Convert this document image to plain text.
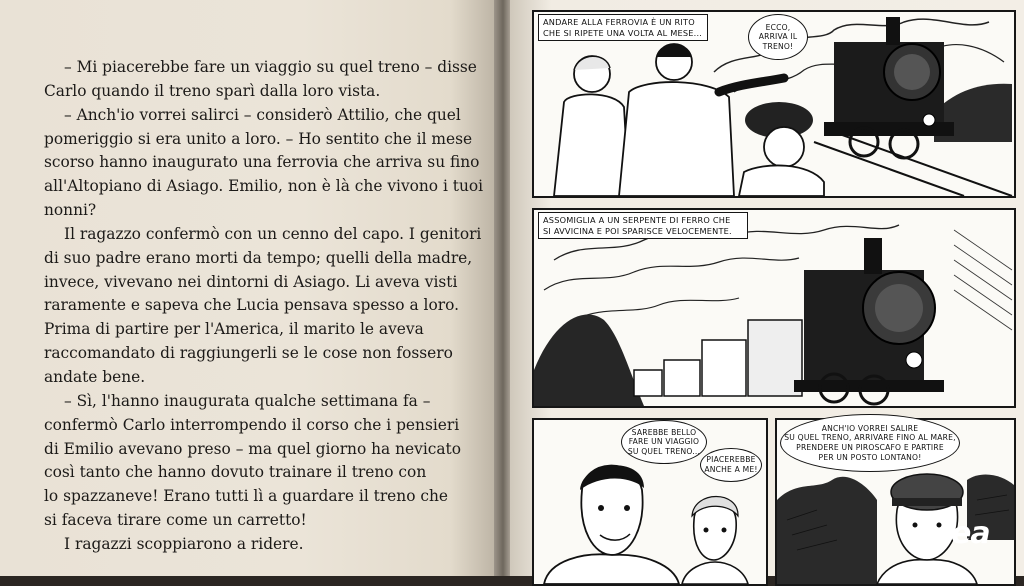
– Mi piacerebbe fare un viaggio su quel treno – disse
Carlo quando il treno sparì dalla loro vista.
– Anch'io vorrei salirci – considerò Attilio, che quel
pomeriggio si era unito a loro. – Ho sentito che il mese
scorso hanno inaugurato una ferrovia che arriva su fino
all'Altopiano di Asiago. Emilio, non è là che vivono i tuoi
nonni?
Il ragazzo confermò con un cenno del capo. I genitori
di suo padre erano morti da tempo; quelli della madre,
invece, vivevano nei dintorni di Asiago. Li aveva visti
raramente e sapeva che Lucia pensava spesso a loro.
Prima di partire per l'America, il marito le aveva
raccomandato di raggiungerli se le cose non fossero
andate bene.
– Sì, l'hanno inaugurata qualche settimana fa –
confermò Carlo interrompendo il corso che i pensieri
di Emilio avevano preso – ma quel giorno ha nevicato
così tanto che hanno dovuto trainare il treno con
lo spazzaneve! Erano tutti lì a guardare il treno che
si faceva tirare come un carretto!
I ragazzi scoppiarono a ridere.
ANDARE ALLA FERROVIA È UN RITO
CHE SI RIPETE UNA VOLTA AL MESE...
ECCO,
ARRIVA IL
TRENO!
ASSOMIGLIA A UN SERPENTE DI FERRO CHE
SI AVVICINA E POI SPARISCE VELOCEMENTE.
SAREBBE BELLO
FARE UN VIAGGIO
SU QUEL TRENO...
PIACEREBBE
ANCHE A ME!
ANCH'IO VORREI SALIRE
SU QUEL TRENO, ARRIVARE FINO AL MARE,
PRENDERE UN PIROSCAFO E PARTIRE
PER UN POSTO LONTANO!
area
